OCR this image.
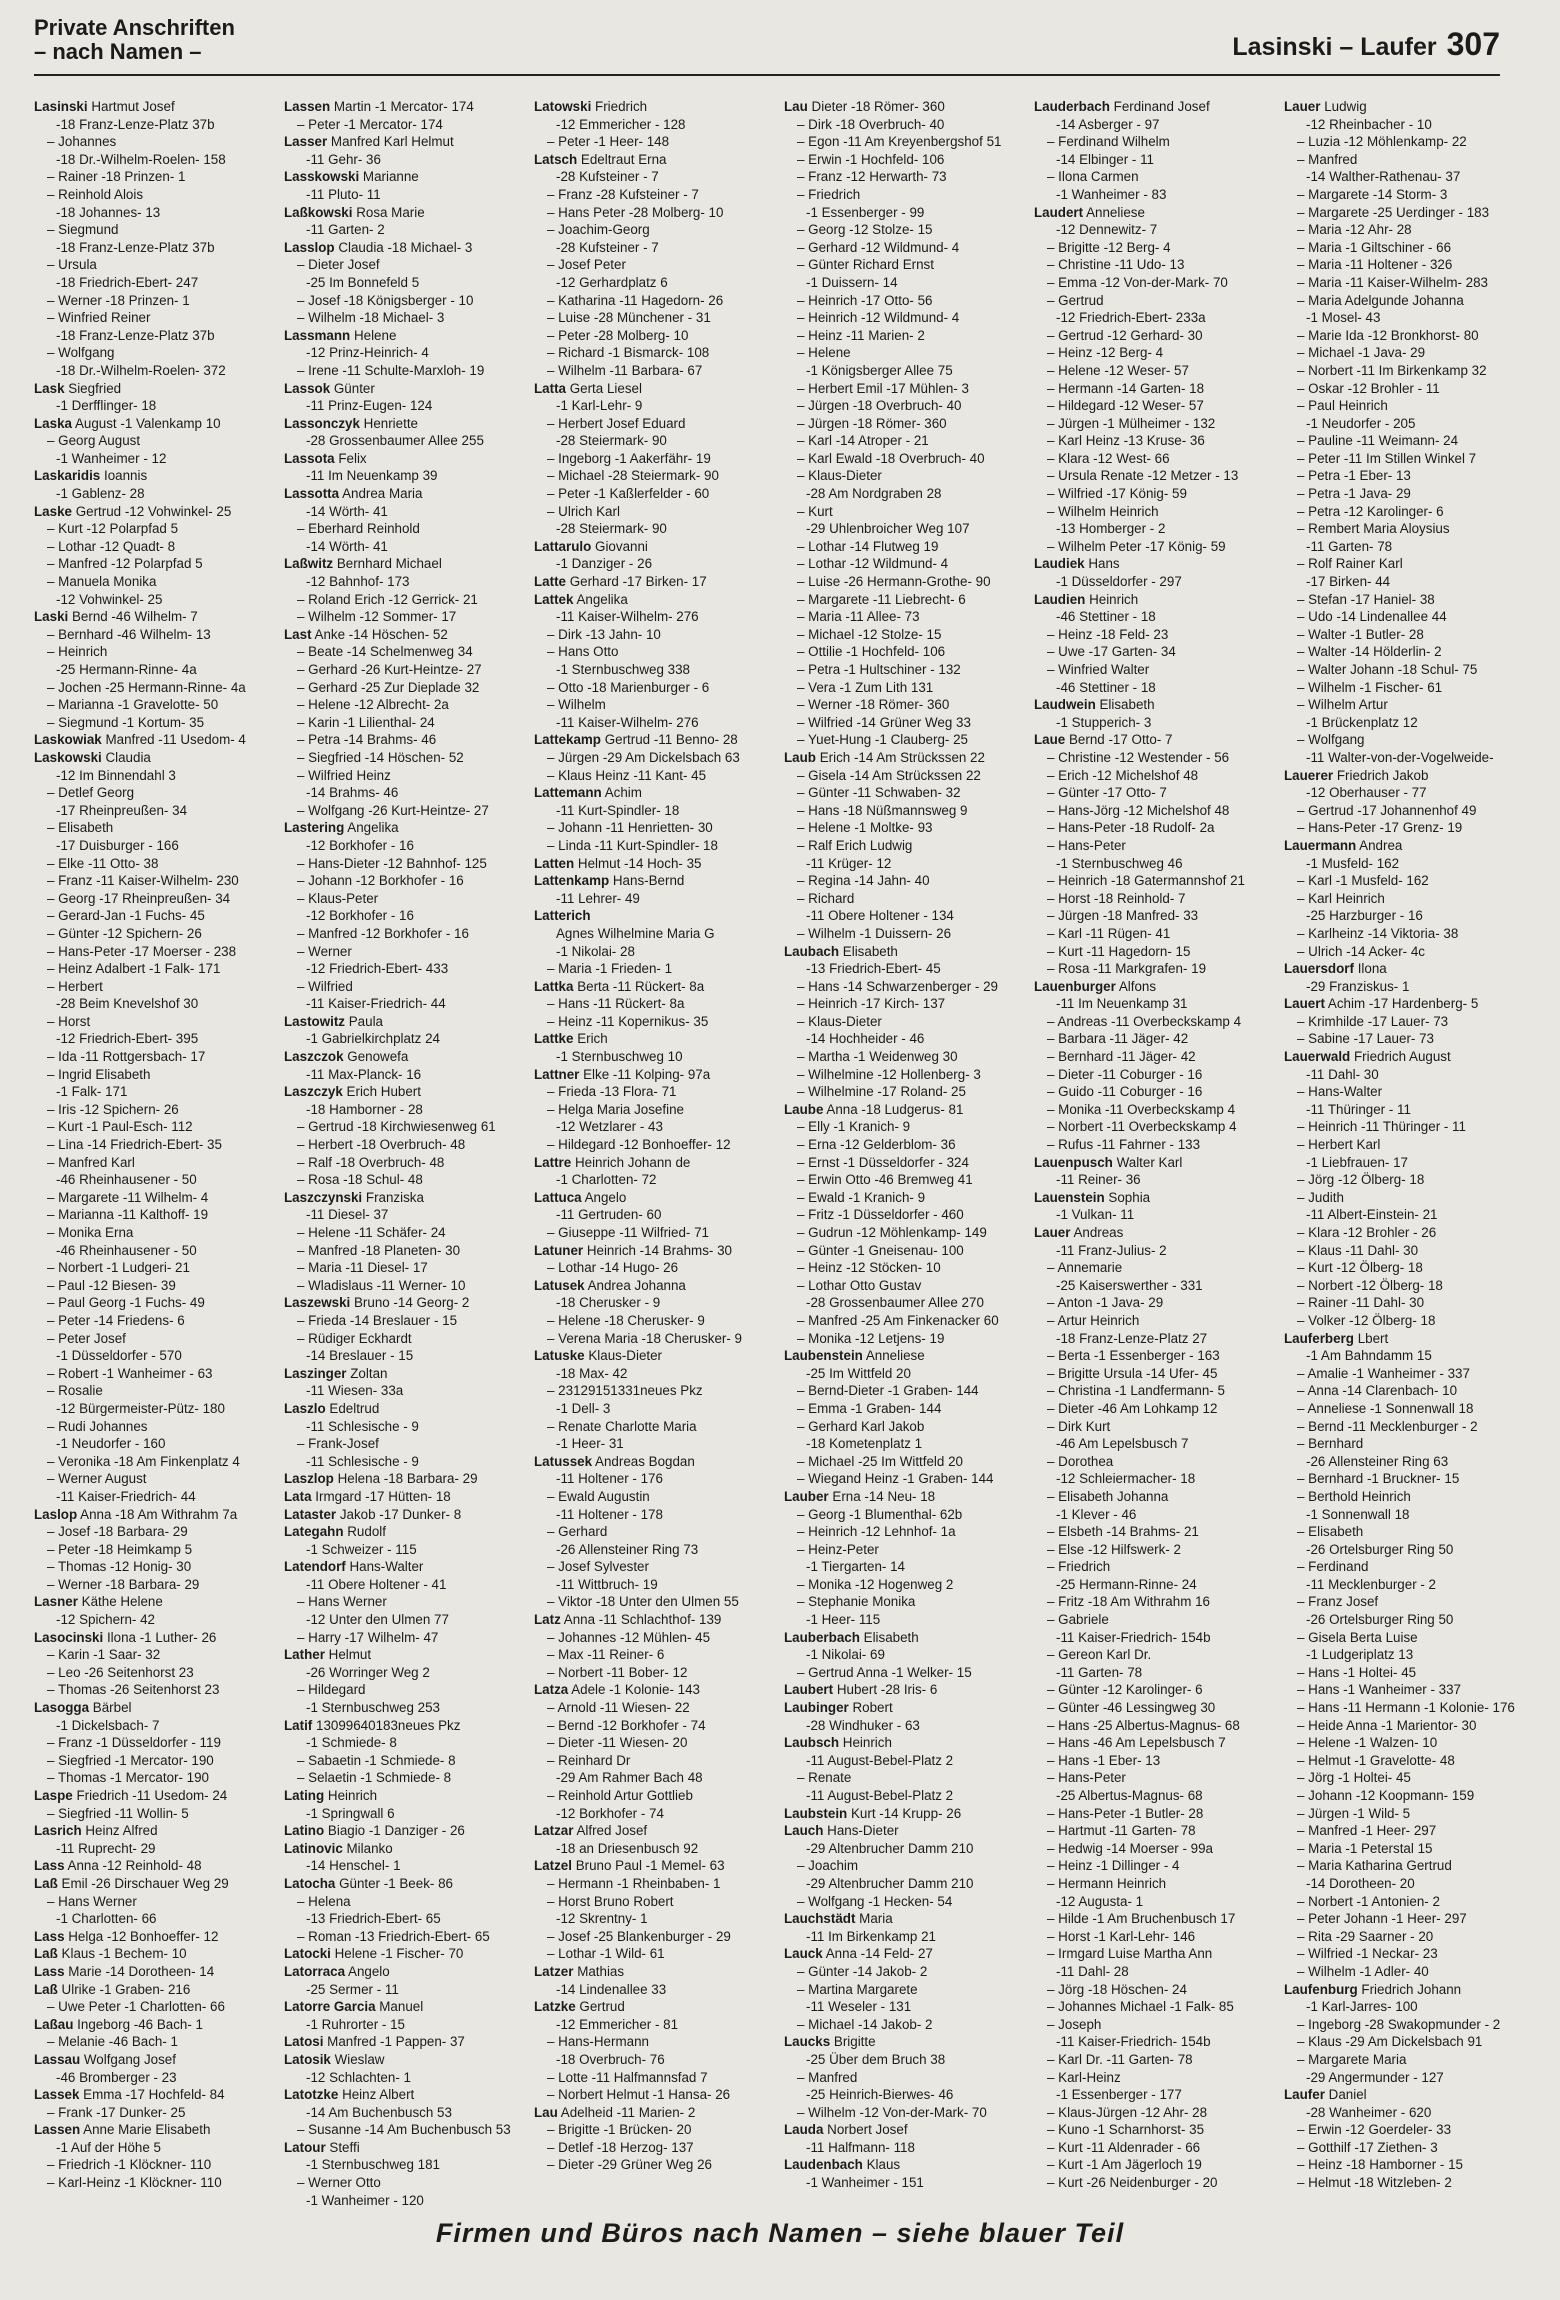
Private Anschriften
– nach Namen –	Lasinski – Laufer 307
Lasinski Hartmut Josef
-18 Franz-Lenze-Platz 37b
– Johannes
-18 Dr.-Wilhelm-Roelen- 158
– Rainer -18 Prinzen- 1
– Reinhold Alois
-18 Johannes- 13
– Siegmund
-18 Franz-Lenze-Platz 37b
– Ursula
-18 Friedrich-Ebert- 247
– Werner -18 Prinzen- 1
– Winfried Reiner
-18 Franz-Lenze-Platz 37b
– Wolfgang
-18 Dr.-Wilhelm-Roelen- 372
Lask Siegfried
-1 Derfflinger- 18
Laska August -1 Valenkamp 10
– Georg August
-1 Wanheimer - 12
Laskaridis Ioannis
-1 Gablenz- 28
Laske Gertrud -12 Vohwinkel- 25
– Kurt -12 Polarpfad 5
– Lothar -12 Quadt- 8
– Manfred -12 Polarpfad 5
– Manuela Monika
-12 Vohwinkel- 25
Laski Bernd -46 Wilhelm- 7
– Bernhard -46 Wilhelm- 13
– Heinrich
-25 Hermann-Rinne- 4a
– Jochen -25 Hermann-Rinne- 4a
– Marianna -1 Gravelotte- 50
– Siegmund -1 Kortum- 35
Laskowiak Manfred -11 Usedom- 4
Laskowski Claudia
-12 Im Binnendahl 3
– Detlef Georg
-17 Rheinpreußen- 34
– Elisabeth
-17 Duisburger - 166
– Elke -11 Otto- 38
– Franz -11 Kaiser-Wilhelm- 230
– Georg -17 Rheinpreußen- 34
– Gerard-Jan -1 Fuchs- 45
– Günter -12 Spichern- 26
– Hans-Peter -17 Moerser - 238
– Heinz Adalbert -1 Falk- 171
– Herbert
-28 Beim Knevelshof 30
– Horst
-12 Friedrich-Ebert- 395
– Ida -11 Rottgersbach- 17
– Ingrid Elisabeth
-1 Falk- 171
– Iris -12 Spichern- 26
– Kurt -1 Paul-Esch- 112
– Lina -14 Friedrich-Ebert- 35
– Manfred Karl
-46 Rheinhausener - 50
– Margarete -11 Wilhelm- 4
– Marianna -11 Kalthoff- 19
– Monika Erna
-46 Rheinhausener - 50
– Norbert -1 Ludgeri- 21
– Paul -12 Biesen- 39
– Paul Georg -1 Fuchs- 49
– Peter -14 Friedens- 6
– Peter Josef
-1 Düsseldorfer - 570
– Robert -1 Wanheimer - 63
– Rosalie
-12 Bürgermeister-Pütz- 180
– Rudi Johannes
-1 Neudorfer - 160
– Veronika -18 Am Finkenplatz 4
– Werner August
-11 Kaiser-Friedrich- 44
Laslop Anna -18 Am Withrahm 7a
– Josef -18 Barbara- 29
– Peter -18 Heimkamp 5
– Thomas -12 Honig- 30
– Werner -18 Barbara- 29
Lasner Käthe Helene
-12 Spichern- 42
Lasocinski Ilona -1 Luther- 26
– Karin -1 Saar- 32
– Leo -26 Seitenhorst 23
– Thomas -26 Seitenhorst 23
Lasogga Bärbel
-1 Dickelsbach- 7
– Franz -1 Düsseldorfer - 119
– Siegfried -1 Mercator- 190
– Thomas -1 Mercator- 190
Laspe Friedrich -11 Usedom- 24
– Siegfried -11 Wollin- 5
Lasrich Heinz Alfred
-11 Ruprecht- 29
Lass Anna -12 Reinhold- 48
Laß Emil -26 Dirschauer Weg 29
– Hans Werner
-1 Charlotten- 66
Lass Helga -12 Bonhoeffer- 12
Laß Klaus -1 Bechem- 10
Lass Marie -14 Dorotheen- 14
Laß Ulrike -1 Graben- 216
– Uwe Peter -1 Charlotten- 66
Laßau Ingeborg -46 Bach- 1
– Melanie -46 Bach- 1
Lassau Wolfgang Josef
-46 Bromberger - 23
Lassek Emma -17 Hochfeld- 84
– Frank -17 Dunker- 25
Lassen Anne Marie Elisabeth
-1 Auf der Höhe 5
– Friedrich -1 Klöckner- 110
– Karl-Heinz -1 Klöckner- 110
Lassen Martin -1 Mercator- 174
– Peter -1 Mercator- 174
Lasser Manfred Karl Helmut
-11 Gehr- 36
Lasskowski Marianne
-11 Pluto- 11
Laßkowski Rosa Marie
-11 Garten- 2
Lasslop Claudia -18 Michael- 3
– Dieter Josef
-25 Im Bonnefeld 5
– Josef -18 Königsberger - 10
– Wilhelm -18 Michael- 3
Lassmann Helene
-12 Prinz-Heinrich- 4
– Irene -11 Schulte-Marxloh- 19
Lassok Günter
-11 Prinz-Eugen- 124
Lassonczyk Henriette
-28 Grossenbaumer Allee 255
Lassota Felix
-11 Im Neuenkamp 39
Lassotta Andrea Maria
-14 Wörth- 41
– Eberhard Reinhold
-14 Wörth- 41
Laßwitz Bernhard Michael
-12 Bahnhof- 173
– Roland Erich -12 Gerrick- 21
– Wilhelm -12 Sommer- 17
Last Anke -14 Höschen- 52
– Beate -14 Schelmenweg 34
– Gerhard -26 Kurt-Heintze- 27
– Gerhard -25 Zur Dieplade 32
– Helene -12 Albrecht- 2a
– Karin -1 Lilienthal- 24
– Petra -14 Brahms- 46
– Siegfried -14 Höschen- 52
– Wilfried Heinz
-14 Brahms- 46
– Wolfgang -26 Kurt-Heintze- 27
Lastering Angelika
-12 Borkhofer - 16
– Hans-Dieter -12 Bahnhof- 125
– Johann -12 Borkhofer - 16
– Klaus-Peter
-12 Borkhofer - 16
– Manfred -12 Borkhofer - 16
– Werner
-12 Friedrich-Ebert- 433
– Wilfried
-11 Kaiser-Friedrich- 44
Lastowitz Paula
-1 Gabrielkirchplatz 24
Laszczok Genowefa
-11 Max-Planck- 16
Laszczyk Erich Hubert
-18 Hamborner - 28
– Gertrud -18 Kirchwiesenweg 61
– Herbert -18 Overbruch- 48
– Ralf -18 Overbruch- 48
– Rosa -18 Schul- 48
Laszczynski Franziska
-11 Diesel- 37
– Helene -11 Schäfer- 24
– Manfred -18 Planeten- 30
– Maria -11 Diesel- 17
– Wladislaus -11 Werner- 10
Laszewski Bruno -14 Georg- 2
– Frieda -14 Breslauer - 15
– Rüdiger Eckhardt
-14 Breslauer - 15
Laszinger Zoltan
-11 Wiesen- 33a
Laszlo Edeltrud
-11 Schlesische - 9
– Frank-Josef
-11 Schlesische - 9
Laszlop Helena -18 Barbara- 29
Lata Irmgard -17 Hütten- 18
Lataster Jakob -17 Dunker- 8
Lategahn Rudolf
-1 Schweizer - 115
Latendorf Hans-Walter
-11 Obere Holtener - 41
– Hans Werner
-12 Unter den Ulmen 77
– Harry -17 Wilhelm- 47
Lather Helmut
-26 Worringer Weg 2
– Hildegard
-1 Sternbuschweg 253
Latif 13099640183neues Pkz
-1 Schmiede- 8
– Sabaetin -1 Schmiede- 8
– Selaetin -1 Schmiede- 8
Lating Heinrich
-1 Springwall 6
Latino Biagio -1 Danziger - 26
Latinovic Milanko
-14 Henschel- 1
Latocha Günter -1 Beek- 86
– Helena
-13 Friedrich-Ebert- 65
– Roman -13 Friedrich-Ebert- 65
Latocki Helene -1 Fischer- 70
Latorraca Angelo
-25 Sermer - 11
Latorre Garcia Manuel
-1 Ruhrorter - 15
Latosi Manfred -1 Pappen- 37
Latosik Wieslaw
-12 Schlachten- 1
Latotzke Heinz Albert
-14 Am Buchenbusch 53
– Susanne -14 Am Buchenbusch 53
Latour Steffi
-1 Sternbuschweg 181
– Werner Otto
-1 Wanheimer - 120
Latowski Friedrich
-12 Emmericher - 128
– Peter -1 Heer- 148
Latsch Edeltraut Erna
-28 Kufsteiner - 7
– Franz -28 Kufsteiner - 7
– Hans Peter -28 Molberg- 10
– Joachim-Georg
-28 Kufsteiner - 7
– Josef Peter
-12 Gerhardplatz 6
– Katharina -11 Hagedorn- 26
– Luise -28 Münchener - 31
– Peter -28 Molberg- 10
– Richard -1 Bismarck- 108
– Wilhelm -11 Barbara- 67
Latta Gerta Liesel
-1 Karl-Lehr- 9
– Herbert Josef Eduard
-28 Steiermark- 90
– Ingeborg -1 Aakerfähr- 19
– Michael -28 Steiermark- 90
– Peter -1 Kaßlerfelder - 60
– Ulrich Karl
-28 Steiermark- 90
Lattarulo Giovanni
-1 Danziger - 26
Latte Gerhard -17 Birken- 17
Lattek Angelika
-11 Kaiser-Wilhelm- 276
– Dirk -13 Jahn- 10
– Hans Otto
-1 Sternbuschweg 338
– Otto -18 Marienburger - 6
– Wilhelm
-11 Kaiser-Wilhelm- 276
Lattekamp Gertrud -11 Benno- 28
– Jürgen -29 Am Dickelsbach 63
– Klaus Heinz -11 Kant- 45
Lattemann Achim
-11 Kurt-Spindler- 18
– Johann -11 Henrietten- 30
– Linda -11 Kurt-Spindler- 18
Latten Helmut -14 Hoch- 35
Lattenkamp Hans-Bernd
-11 Lehrer- 49
Latterich
Agnes Wilhelmine Maria G
-1 Nikolai- 28
– Maria -1 Frieden- 1
Lattka Berta -11 Rückert- 8a
– Hans -11 Rückert- 8a
– Heinz -11 Kopernikus- 35
Lattke Erich
-1 Sternbuschweg 10
Lattner Elke -11 Kolping- 97a
– Frieda -13 Flora- 71
– Helga Maria Josefine
-12 Wetzlarer - 43
– Hildegard -12 Bonhoeffer- 12
Lattre Heinrich Johann de
-1 Charlotten- 72
Lattuca Angelo
-11 Gertruden- 60
– Giuseppe -11 Wilfried- 71
Latuner Heinrich -14 Brahms- 30
– Lothar -14 Hugo- 26
Latusek Andrea Johanna
-18 Cherusker - 9
– Helene -18 Cherusker- 9
– Verena Maria -18 Cherusker- 9
Latuske Klaus-Dieter
-18 Max- 42
– 23129151331neues Pkz
-1 Dell- 3
– Renate Charlotte Maria
-1 Heer- 31
Latussek Andreas Bogdan
-11 Holtener - 176
– Ewald Augustin
-11 Holtener - 178
– Gerhard
-26 Allensteiner Ring 73
– Josef Sylvester
-11 Wittbruch- 19
– Viktor -18 Unter den Ulmen 55
Latz Anna -11 Schlachthof- 139
– Johannes -12 Mühlen- 45
– Max -11 Reiner- 6
– Norbert -11 Bober- 12
Latza Adele -1 Kolonie- 143
– Arnold -11 Wiesen- 22
– Bernd -12 Borkhofer - 74
– Dieter -11 Wiesen- 20
– Reinhard Dr
-29 Am Rahmer Bach 48
– Reinhold Artur Gottlieb
-12 Borkhofer - 74
Latzar Alfred Josef
-18 an Driesenbusch 92
Latzel Bruno Paul -1 Memel- 63
– Hermann -1 Rheinbaben- 1
– Horst Bruno Robert
-12 Skrentny- 1
– Josef -25 Blankenburger - 29
– Lothar -1 Wild- 61
Latzer Mathias
-14 Lindenallee 33
Latzke Gertrud
-12 Emmericher - 81
– Hans-Hermann
-18 Overbruch- 76
– Lotte -11 Halfmannsfad 7
– Norbert Helmut -1 Hansa- 26
Lau Adelheid -11 Marien- 2
– Brigitte -1 Brücken- 20
– Detlef -18 Herzog- 137
– Dieter -29 Grüner Weg 26
Lau Dieter -18 Römer- 360
– Dirk -18 Overbruch- 40
– Egon -11 Am Kreyenbergshof 51
– Erwin -1 Hochfeld- 106
– Franz -12 Herwarth- 73
– Friedrich
-1 Essenberger - 99
– Georg -12 Stolze- 15
– Gerhard -12 Wildmund- 4
– Günter Richard Ernst
-1 Duissern- 14
– Heinrich -17 Otto- 56
– Heinrich -12 Wildmund- 4
– Heinz -11 Marien- 2
– Helene
-1 Königsberger Allee 75
– Herbert Emil -17 Mühlen- 3
– Jürgen -18 Overbruch- 40
– Jürgen -18 Römer- 360
– Karl -14 Atroper - 21
– Karl Ewald -18 Overbruch- 40
– Klaus-Dieter
-28 Am Nordgraben 28
– Kurt
-29 Uhlenbroicher Weg 107
– Lothar -14 Flutweg 19
– Lothar -12 Wildmund- 4
– Luise -26 Hermann-Grothe- 90
– Margarete -11 Liebrecht- 6
– Maria -11 Allee- 73
– Michael -12 Stolze- 15
– Ottilie -1 Hochfeld- 106
– Petra -1 Hultschiner - 132
– Vera -1 Zum Lith 131
– Werner -18 Römer- 360
– Wilfried -14 Grüner Weg 33
– Yuet-Hung -1 Clauberg- 25
Laub Erich -14 Am Strückssen 22
– Gisela -14 Am Strückssen 22
– Günter -11 Schwaben- 32
– Hans -18 Nüßmannsweg 9
– Helene -1 Moltke- 93
– Ralf Erich Ludwig
-11 Krüger- 12
– Regina -14 Jahn- 40
– Richard
-11 Obere Holtener - 134
– Wilhelm -1 Duissern- 26
Laubach Elisabeth
-13 Friedrich-Ebert- 45
– Hans -14 Schwarzenberger - 29
– Heinrich -17 Kirch- 137
– Klaus-Dieter
-14 Hochheider - 46
– Martha -1 Weidenweg 30
– Wilhelmine -12 Hollenberg- 3
– Wilhelmine -17 Roland- 25
Laube Anna -18 Ludgerus- 81
– Elly -1 Kranich- 9
– Erna -12 Gelderblom- 36
– Ernst -1 Düsseldorfer - 324
– Erwin Otto -46 Bremweg 41
– Ewald -1 Kranich- 9
– Fritz -1 Düsseldorfer - 460
– Gudrun -12 Möhlenkamp- 149
– Günter -1 Gneisenau- 100
– Heinz -12 Stöcken- 10
– Lothar Otto Gustav
-28 Grossenbaumer Allee 270
– Manfred -25 Am Finkenacker 60
– Monika -12 Letjens- 19
Laubenstein Anneliese
-25 Im Wittfeld 20
– Bernd-Dieter -1 Graben- 144
– Emma -1 Graben- 144
– Gerhard Karl Jakob
-18 Kometenplatz 1
– Michael -25 Im Wittfeld 20
– Wiegand Heinz -1 Graben- 144
Lauber Erna -14 Neu- 18
– Georg -1 Blumenthal- 62b
– Heinrich -12 Lehnhof- 1a
– Heinz-Peter
-1 Tiergarten- 14
– Monika -12 Hogenweg 2
– Stephanie Monika
-1 Heer- 115
Lauberbach Elisabeth
-1 Nikolai- 69
– Gertrud Anna -1 Welker- 15
Laubert Hubert -28 Iris- 6
Laubinger Robert
-28 Windhuker - 63
Laubsch Heinrich
-11 August-Bebel-Platz 2
– Renate
-11 August-Bebel-Platz 2
Laubstein Kurt -14 Krupp- 26
Lauch Hans-Dieter
-29 Altenbrucher Damm 210
– Joachim
-29 Altenbrucher Damm 210
– Wolfgang -1 Hecken- 54
Lauchstädt Maria
-11 Im Birkenkamp 21
Lauck Anna -14 Feld- 27
– Günter -14 Jakob- 2
– Martina Margarete
-11 Weseler - 131
– Michael -14 Jakob- 2
Laucks Brigitte
-25 Über dem Bruch 38
– Manfred
-25 Heinrich-Bierwes- 46
– Wilhelm -12 Von-der-Mark- 70
Lauda Norbert Josef
-11 Halfmann- 118
Laudenbach Klaus
-1 Wanheimer - 151
Lauderbach Ferdinand Josef
-14 Asberger - 97
– Ferdinand Wilhelm
-14 Elbinger - 11
– Ilona Carmen
-1 Wanheimer - 83
Laudert Anneliese
-12 Dennewitz- 7
– Brigitte -12 Berg- 4
– Christine -11 Udo- 13
– Emma -12 Von-der-Mark- 70
– Gertrud
-12 Friedrich-Ebert- 233a
– Gertrud -12 Gerhard- 30
– Heinz -12 Berg- 4
– Helene -12 Weser- 57
– Hermann -14 Garten- 18
– Hildegard -12 Weser- 57
– Jürgen -1 Mülheimer - 132
– Karl Heinz -13 Kruse- 36
– Klara -12 West- 66
– Ursula Renate -12 Metzer - 13
– Wilfried -17 König- 59
– Wilhelm Heinrich
-13 Homberger - 2
– Wilhelm Peter -17 König- 59
Laudiek Hans
-1 Düsseldorfer - 297
Laudien Heinrich
-46 Stettiner - 18
– Heinz -18 Feld- 23
– Uwe -17 Garten- 34
– Winfried Walter
-46 Stettiner - 18
Laudwein Elisabeth
-1 Stupperich- 3
Laue Bernd -17 Otto- 7
– Christine -12 Westender - 56
– Erich -12 Michelshof 48
– Günter -17 Otto- 7
– Hans-Jörg -12 Michelshof 48
– Hans-Peter -18 Rudolf- 2a
– Hans-Peter
-1 Sternbuschweg 46
– Heinrich -18 Gatermannshof 21
– Horst -18 Reinhold- 7
– Jürgen -18 Manfred- 33
– Karl -11 Rügen- 41
– Kurt -11 Hagedorn- 15
– Rosa -11 Markgrafen- 19
Lauenburger Alfons
-11 Im Neuenkamp 31
– Andreas -11 Overbeckskamp 4
– Barbara -11 Jäger- 42
– Bernhard -11 Jäger- 42
– Dieter -11 Coburger - 16
– Guido -11 Coburger - 16
– Monika -11 Overbeckskamp 4
– Norbert -11 Overbeckskamp 4
– Rufus -11 Fahrner - 133
Lauenpusch Walter Karl
-11 Reiner- 36
Lauenstein Sophia
-1 Vulkan- 11
Lauer Andreas
-11 Franz-Julius- 2
– Annemarie
-25 Kaiserswerther - 331
– Anton -1 Java- 29
– Artur Heinrich
-18 Franz-Lenze-Platz 27
– Berta -1 Essenberger - 163
– Brigitte Ursula -14 Ufer- 45
– Christina -1 Landfermann- 5
– Dieter -46 Am Lohkamp 12
– Dirk Kurt
-46 Am Lepelsbusch 7
– Dorothea
-12 Schleiermacher- 18
– Elisabeth Johanna
-1 Klever - 46
– Elsbeth -14 Brahms- 21
– Else -12 Hilfswerk- 2
– Friedrich
-25 Hermann-Rinne- 24
– Fritz -18 Am Withrahm 16
– Gabriele
-11 Kaiser-Friedrich- 154b
– Gereon Karl Dr.
-11 Garten- 78
– Günter -12 Karolinger- 6
– Günter -46 Lessingweg 30
– Hans -25 Albertus-Magnus- 68
– Hans -46 Am Lepelsbusch 7
– Hans -1 Eber- 13
– Hans-Peter
-25 Albertus-Magnus- 68
– Hans-Peter -1 Butler- 28
– Hartmut -11 Garten- 78
– Hedwig -14 Moerser - 99a
– Heinz -1 Dillinger - 4
– Hermann Heinrich
-12 Augusta- 1
– Hilde -1 Am Bruchenbusch 17
– Horst -1 Karl-Lehr- 146
– Irmgard Luise Martha Ann
-11 Dahl- 28
– Jörg -18 Höschen- 24
– Johannes Michael -1 Falk- 85
– Joseph
-11 Kaiser-Friedrich- 154b
– Karl Dr. -11 Garten- 78
– Karl-Heinz
-1 Essenberger - 177
– Klaus-Jürgen -12 Ahr- 28
– Kuno -1 Scharnhorst- 35
– Kurt -11 Aldenrader - 66
– Kurt -1 Am Jägerloch 19
– Kurt -26 Neidenburger - 20
Lauer Ludwig
-12 Rheinbacher - 10
– Luzia -12 Möhlenkamp- 22
– Manfred
-14 Walther-Rathenau- 37
– Margarete -14 Storm- 3
– Margarete -25 Uerdinger - 183
– Maria -12 Ahr- 28
– Maria -1 Giltschiner - 66
– Maria -11 Holtener - 326
– Maria -11 Kaiser-Wilhelm- 283
– Maria Adelgunde Johanna
-1 Mosel- 43
– Marie Ida -12 Bronkhorst- 80
– Michael -1 Java- 29
– Norbert -11 Im Birkenkamp 32
– Oskar -12 Brohler - 11
– Paul Heinrich
-1 Neudorfer - 205
– Pauline -11 Weimann- 24
– Peter -11 Im Stillen Winkel 7
– Petra -1 Eber- 13
– Petra -1 Java- 29
– Petra -12 Karolinger- 6
– Rembert Maria Aloysius
-11 Garten- 78
– Rolf Rainer Karl
-17 Birken- 44
– Stefan -17 Haniel- 38
– Udo -14 Lindenallee 44
– Walter -1 Butler- 28
– Walter -14 Hölderlin- 2
– Walter Johann -18 Schul- 75
– Wilhelm -1 Fischer- 61
– Wilhelm Artur
-1 Brückenplatz 12
– Wolfgang
-11 Walter-von-der-Vogelweide-
Lauerer Friedrich Jakob
-12 Oberhauser - 77
– Gertrud -17 Johannenhof 49
– Hans-Peter -17 Grenz- 19
Lauermann Andrea
-1 Musfeld- 162
– Karl -1 Musfeld- 162
– Karl Heinrich
-25 Harzburger - 16
– Karlheinz -14 Viktoria- 38
– Ulrich -14 Acker- 4c
Lauersdorf Ilona
-29 Franziskus- 1
Lauert Achim -17 Hardenberg- 5
– Krimhilde -17 Lauer- 73
– Sabine -17 Lauer- 73
Lauerwald Friedrich August
-11 Dahl- 30
– Hans-Walter
-11 Thüringer - 11
– Heinrich -11 Thüringer - 11
– Herbert Karl
-1 Liebfrauen- 17
– Jörg -12 Ölberg- 18
– Judith
-11 Albert-Einstein- 21
– Klara -12 Brohler - 26
– Klaus -11 Dahl- 30
– Kurt -12 Ölberg- 18
– Norbert -12 Ölberg- 18
– Rainer -11 Dahl- 30
– Volker -12 Ölberg- 18
Lauferberg Lbert
-1 Am Bahndamm 15
– Amalie -1 Wanheimer - 337
– Anna -14 Clarenbach- 10
– Anneliese -1 Sonnenwall 18
– Bernd -11 Mecklenburger - 2
– Bernhard
-26 Allensteiner Ring 63
– Bernhard -1 Bruckner- 15
– Berthold Heinrich
-1 Sonnenwall 18
– Elisabeth
-26 Ortelsburger Ring 50
– Ferdinand
-11 Mecklenburger - 2
– Franz Josef
-26 Ortelsburger Ring 50
– Gisela Berta Luise
-1 Ludgeriplatz 13
– Hans -1 Holtei- 45
– Hans -1 Wanheimer - 337
– Hans -11 Hermann -1 Kolonie- 176
– Heide Anna -1 Marientor- 30
– Helene -1 Walzen- 10
– Helmut -1 Gravelotte- 48
– Jörg -1 Holtei- 45
– Johann -12 Koopmann- 159
– Jürgen -1 Wild- 5
– Manfred -1 Heer- 297
– Maria -1 Peterstal 15
– Maria Katharina Gertrud
-14 Dorotheen- 20
– Norbert -1 Antonien- 2
– Peter Johann -1 Heer- 297
– Rita -29 Saarner - 20
– Wilfried -1 Neckar- 23
– Wilhelm -1 Adler- 40
Laufenburg Friedrich Johann
-1 Karl-Jarres- 100
– Ingeborg -28 Swakopmunder - 2
– Klaus -29 Am Dickelsbach 91
– Margarete Maria
-29 Angermunder - 127
Laufer Daniel
-28 Wanheimer - 620
– Erwin -12 Goerdeler- 33
– Gotthilf -17 Ziethen- 3
– Heinz -18 Hamborner - 15
– Helmut -18 Witzleben- 2
Firmen und Büros nach Namen – siehe blauer Teil
